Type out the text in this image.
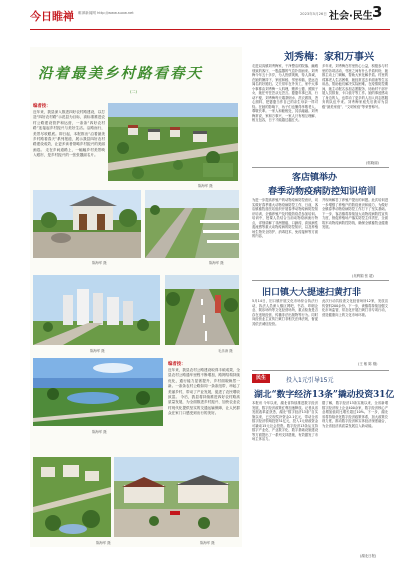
今日睢禅 睢禅新闻网 http://www.suxw.net	2023年5月26日 社会·民生 3
沿着最美乡村路看春天
(二)
编者按：
近年来，我县深入推进四好农村路建设，以打造“四好农村路”示范县为目标，高标准推进农村公路建设管护和运营，一条条“四好农村路”连接起乡村振兴与美好生活。沿路而行，美景尽收眼底。即日起，本报推出“沿着最美乡村路看春天”系列报道，展示我县四好农村路建设成效，让更多读者领略乡村振兴的美丽画卷。 走在乡间道路上，一幅幅乡村美景映入眼帘，是乡村振兴的一张张靓丽名片。
陈海军 摄
陈海军 摄	陈海军 摄
陈海军 摄	毛乐涛 摄
编者按：
近年来，我县农村公路建设取得丰硕成果，全县农村公路通车里程不断增加，路网结构持续优化，通行能力显著提升，乡村面貌焕然一新。一条条农村公路如同一条条纽带，串起了美丽乡村，带动了产业发展，促进了农民增收致富。 今后，我县将持续推进四好农村路高质量发展，为全面推进乡村振兴、加快农业农村现代化提供坚实的交通运输保障，让人民群众在家门口感受到出行的美好。
陈海军 摄
陈海军 摄	陈海军 摄
刘秀梅：家和万事兴
走进双沟镇刘秀梅家，干净整洁的院落、幽雅别致的客厅，一股温馨的气息扑面而来。刘秀梅今年五十多岁，为人热情爽朗，待人真诚，在她的操持下，家庭和睦、邻里和谐，是远近闻名的好媳妇。丈夫常年在外务工，家中大事小事都由刘秀梅一人料理，赡养公婆、照顾子女，她任劳任怨从无怨言。婆婆年事已高，行动不便，刘秀梅每天端茶倒水、洗衣做饭，悉心照料，把婆婆当作自己的亲生母亲一样对待。在她的影响下，孩子们也懂得孝敬老人、尊敬长辈。一家人和睦相处，其乐融融。刘秀梅常说，家和万事兴，一家人只有相互理解、相互包容，日子才能越过越红火。
多年来，刘秀梅在村里热心公益，积极参与村里的各项活动，邻里之间有什么矛盾纠纷，她都主动上门调解，帮助大家化解矛盾。村里的孤寡老人生活困难，她经常送去米面油等生活用品，帮助他们解决实际困难。在疫情防控期间，她主动报名参加志愿服务，协助村干部开展人员排查、卡口值守等工作。她的事迹感动了身边的人，也带动了更多的人加入到志愿服务的队伍中来。刘秀梅家庭先后被评为县级“最美家庭”、“文明家庭”等荣誉称号。
(郭晓丽)
客店镇举办
春季动物疫病防控知识培训
为进一步提高养殖户的动物疫病防控意识，切实做好春季重大动物疫病防控工作，日前，客店镇畜牧兽医站组织开展春季动物疫病防控知识培训，全镇养殖户及村级防疫员参加培训。培训中，授课人员结合当前动物疫病流行特点，详细讲解了非洲猪瘟、口蹄疫、高致病性禽流感等重大动物疫病的防控知识，以及养殖场生物安全防护、消毒技术、免疫接种等方面的内容，
并现场解答了养殖户提出的问题。此次培训进一步增强了养殖户的防疫意识和能力，为做好全镇春季动物疫病防控工作打下了坚实基础。下一步，客店镇将持续加大动物疫病防控宣传力度，督促养殖场户落实防控主体责任，全面筑牢动物疫病防控防线，确保全镇畜牧业健康发展。
(吴利娟 张 超)
旧口镇大大提速扫黄打非
5月14日，旧口镇开展文化市场综合执法行动，执法人员深入镇区网吧、书店、印刷企业、娱乐场所等文化经营场所，重点检查是否存在违规经营、传播非法出版物等行为。同时向经营业主宣传扫黄打非相关法律法规，督促其依法诚信经营。
此次行动共检查文化经营场所12家，发放宣传资料200余份。下一步，该镇将持续加强文化市场监管，常态化开展扫黄打非专项行动，营造健康向上的文化市场环境。
(王 敏 陈 刚)
民生	投入1元引导15元
湖北“数字经济13条”撬动投资31亿
本报讯 今年以来，湖北省持续推进数字经济发展，数字经济政策红利加速释放。记者从省发展改革委获悉，湖北“数字经济13条”自实施以来，已兑现奖补资金2.1亿元，带动全省数字经济领域投资31亿元，投入1元财政资金可撬动15元社会投资。数字经济13条从支持数字产业化、产业数字化、数字基础设施建设等方面提出了一系列支持措施，有效激发了市场主体活力。
据了解，数字经济13条实施以来，全省新增数字经济规上企业400余家，数字经济核心产业增加值同比增长超过10%。下一步，湖北省将持续优化数字经济政策体系，加大政策兑现力度，推动数字经济和实体经济深度融合，为全省经济高质量发展注入新动能。
(湖北日报)
